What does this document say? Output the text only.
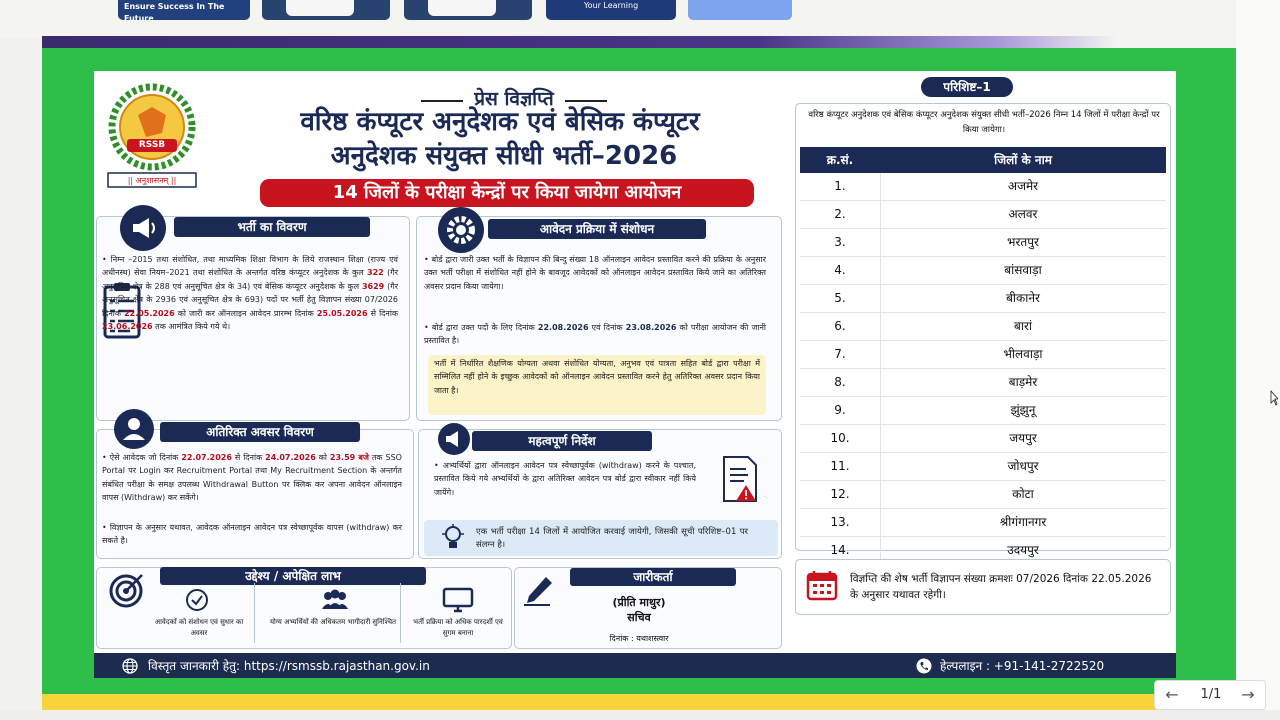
Ensure Success In The Future
Your Learning
RSSB
|| अनुशासनम् ||
प्रेस विज्ञप्ति
वरिष्ठ कंप्यूटर अनुदेशक एवं बेसिक कंप्यूटर
अनुदेशक संयुक्त सीधी भर्ती–2026
14 जिलों के परीक्षा केन्द्रों पर किया जायेगा आयोजन
भर्ती का विवरण
• निम्न –2015 तथा संशोधित, तथा माध्यमिक शिक्षा विभाग के लिये राजस्थान शिक्षा (राज्य एवं अधीनस्थ) सेवा नियम–2021 तथा संशोधित के अन्तर्गत वरिष्ठ कंप्यूटर अनुदेशक के कुल 322 (गैर अनुसूचित क्षेत्र के 288 एवं अनुसूचित क्षेत्र के 34) एवं बेसिक कंप्यूटर अनुदेशक के कुल 3629 (गैर अनुसूचित क्षेत्र के 2936 एवं अनुसूचित क्षेत्र के 693) पदों पर भर्ती हेतु विज्ञापन संख्या 07/2026 दिनांक 22.05.2026 को जारी कर ऑनलाइन आवेदन प्रारम्भ दिनांक 25.05.2026 से दिनांक 23.06.2026 तक आमंत्रित किये गये थे।
आवेदन प्रक्रिया में संशोधन
• बोर्ड द्वारा जारी उक्त भर्ती के विज्ञापन की बिन्दु संख्या 18 ऑनलाइन आवेदन प्रस्तावित करने की प्रक्रिया के अनुसार उक्त भर्ती परीक्षा में संशोधित नहीं होने के बावजूद आवेदकों को ऑनलाइन आवेदन प्रस्तावित किये जाने का अतिरिक्त अवसर प्रदान किया जायेगा।
• बोर्ड द्वारा उक्त पदों के लिए दिनांक 22.08.2026 एवं दिनांक 23.08.2026 को परीक्षा आयोजन की जानी प्रस्तावित है।
भर्ती में निर्धारित शैक्षणिक योग्यता अथवा संशोधित योग्यता, अनुभव एवं पात्रता सहित बोर्ड द्वारा परीक्षा में सम्मिलित नहीं होने के इच्छुक आवेदकों को ऑनलाइन आवेदन प्रस्तावित करने हेतु अतिरिक्त अवसर प्रदान किया जाता है।
अतिरिक्त अवसर विवरण
• ऐसे आवेदक जो दिनांक 22.07.2026 से दिनांक 24.07.2026 को 23.59 बजे तक SSO Portal पर Login कर Recruitment Portal तथा My Recruitment Section के अन्तर्गत संबंधित परीक्षा के समक्ष उपलब्ध Withdrawal Button पर क्लिक कर अपना आवेदन ऑनलाइन वापस (Withdraw) कर सकेंगे।
• विज्ञापन के अनुसार यथावत, आवेदक ऑनलाइन आवेदन पत्र स्वेच्छापूर्वक वापस (withdraw) कर सकते है।
महत्वपूर्ण निर्देश
• अभ्यर्थियों द्वारा ऑनलाइन आवेदन पत्र स्वेच्छापूर्वक (withdraw) करने के पश्चात, प्रस्तावित किये गये अभ्यर्थियों के द्वारा अतिरिक्त आवेदन पत्र बोर्ड द्वारा स्वीकार नहीं किये जायेंगे।
एक भर्ती परीक्षा 14 जिलों में आयोजित करवाई जायेगी, जिसकी सूची परिशिष्ट–01 पर संलग्न है।
उद्देश्य / अपेक्षित लाभ
आवेदकों को संशोधन एवं सुधार का अवसर
योग्य अभ्यर्थियों की अधिकतम भागीदारी सुनिश्चित	भर्ती प्रक्रिया को अधिक पारदर्शी एवं सुगम बनाना
जारीकर्ता
(प्रीति माथुर)
सचिव
दिनांक : यथाशस्त्वार
परिशिष्ट–1
वरिष्ठ कंप्यूटर अनुदेशक एवं बेसिक कंप्यूटर अनुदेशक संयुक्त सीधी भर्ती–2026 निम्न 14 जिलों में परीक्षा केन्द्रों पर किया जायेगा।
क्र.सं.	जिलों के नाम
1.	अजमेर
2.	अलवर
3.	भरतपुर
4.	बांसवाड़ा
5.	बीकानेर
6.	बारां
7.	भीलवाड़ा
8.	बाड़मेर
9.	झुंझुनू
10.	जयपुर
11.	जोधपुर
12.	कोटा
13.	श्रीगंगानगर
14.	उदयपुर
विज्ञप्ति की शेष भर्ती विज्ञापन संख्या क्रमशः 07/2026 दिनांक 22.05.2026 के अनुसार यथावत रहेगी।
विस्तृत जानकारी हेतु: https://rsmssb.rajasthan.gov.in	हेल्पलाइन : +91-141-2722520
←	1/1	→
